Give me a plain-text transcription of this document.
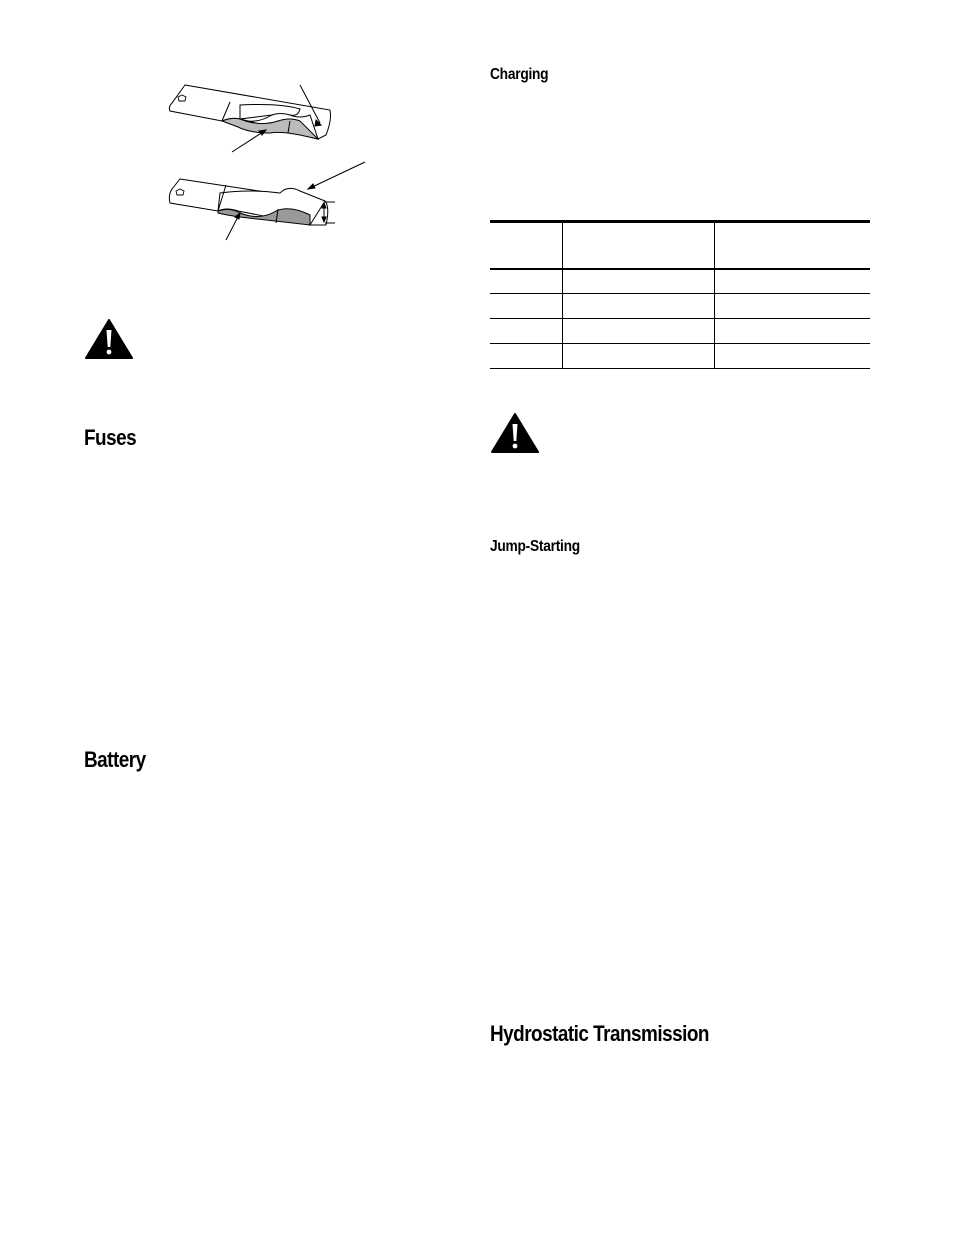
Fuses
Battery
Charging

Jump-Starting
Hydrostatic Transmission
